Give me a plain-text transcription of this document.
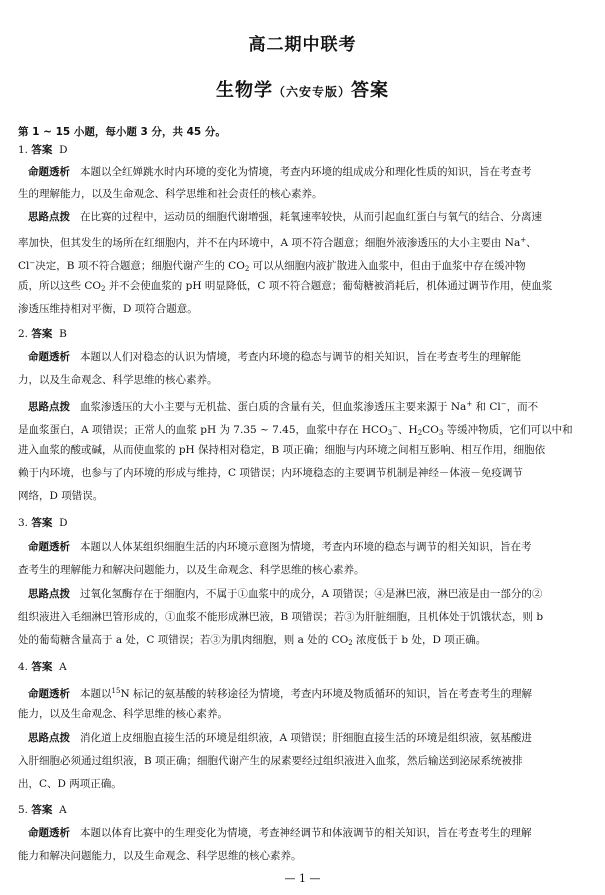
高二期中联考
生物学（六安专版）答案
第 1 ~ 15 小题，每小题 3 分，共 45 分。
1. 答案 D
命题透析 本题以全红婵跳水时内环境的变化为情境，考查内环境的组成成分和理化性质的知识，旨在考查考
生的理解能力，以及生命观念、科学思维和社会责任的核心素养。
思路点拨 在比赛的过程中，运动员的细胞代谢增强，耗氧速率较快，从而引起血红蛋白与氧气的结合、分离速
率加快，但其发生的场所在红细胞内，并不在内环境中，A 项不符合题意；细胞外液渗透压的大小主要由 Na+、
Cl−决定，B 项不符合题意；细胞代谢产生的 $CO_2$ 可以从细胞内液扩散进入血浆中，但由于血浆中存在缓冲物
质，所以这些 $CO_2$ 并不会使血浆的 pH 明显降低，C 项不符合题意；葡萄糖被消耗后，机体通过调节作用，使血浆
渗透压维持相对平衡，D 项符合题意。
2. 答案 B
命题透析 本题以人们对稳态的认识为情境，考查内环境的稳态与调节的相关知识，旨在考查考生的理解能
力，以及生命观念、科学思维的核心素养。
思路点拨 血浆渗透压的大小主要与无机盐、蛋白质的含量有关，但血浆渗透压主要来源于 Na+ 和 Cl−，而不
是血浆蛋白，A 项错误；正常人的血浆 pH 为 7.35 ~ 7.45，血浆中存在 $HCO_3^-$、$H_2CO_3$ 等缓冲物质，它们可以中和
进入血浆的酸或碱，从而使血浆的 pH 保持相对稳定，B 项正确；细胞与内环境之间相互影响、相互作用，细胞依
赖于内环境，也参与了内环境的形成与维持，C 项错误；内环境稳态的主要调节机制是神经－体液－免疫调节
网络，D 项错误。
3. 答案 D
命题透析 本题以人体某组织细胞生活的内环境示意图为情境，考查内环境的稳态与调节的相关知识，旨在考
查考生的理解能力和解决问题能力，以及生命观念、科学思维的核心素养。
思路点拨 过氧化氢酶存在于细胞内，不属于①血浆中的成分，A 项错误；④是淋巴液，淋巴液是由一部分的②
组织液进入毛细淋巴管形成的，①血浆不能形成淋巴液，B 项错误；若③为肝脏细胞，且机体处于饥饿状态，则 b
处的葡萄糖含量高于 a 处，C 项错误；若③为肌肉细胞，则 a 处的 $CO_2$ 浓度低于 b 处，D 项正确。
4. 答案 A
命题透析 本题以$^{15}$N 标记的氨基酸的转移途径为情境，考查内环境及物质循环的知识，旨在考查考生的理解
能力，以及生命观念、科学思维的核心素养。
思路点拨 消化道上皮细胞直接生活的环境是组织液，A 项错误；肝细胞直接生活的环境是组织液，氨基酸进
入肝细胞必须通过组织液，B 项正确；细胞代谢产生的尿素要经过组织液进入血浆，然后输送到泌尿系统被排
出，C、D 两项正确。
5. 答案 A
命题透析 本题以体育比赛中的生理变化为情境，考查神经调节和体液调节的相关知识，旨在考查考生的理解
能力和解决问题能力，以及生命观念、科学思维的核心素养。
— 1 —
